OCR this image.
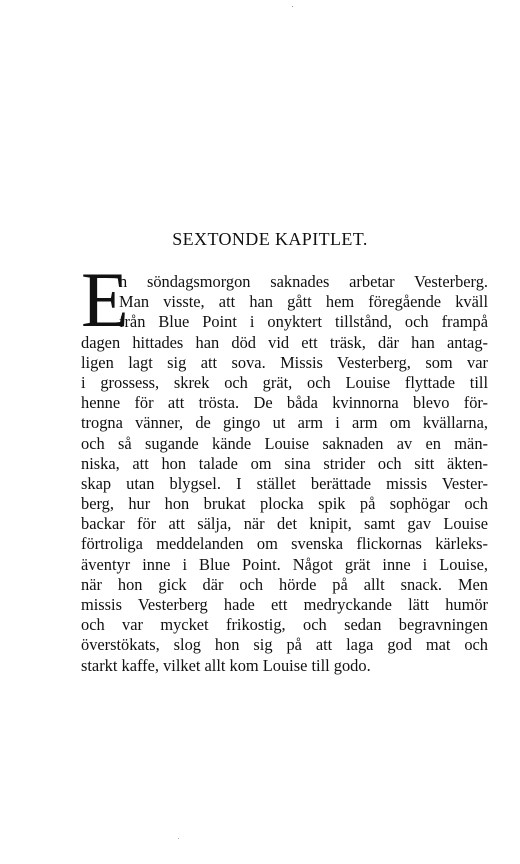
SEXTONDE KAPITLET.
E
n söndagsmorgon saknades arbetar Vesterberg.
Man visste, att han gått hem föregående kväll
från Blue Point i onyktert tillstånd, och frampå
dagen hittades han död vid ett träsk, där han antag-
ligen lagt sig att sova. Missis Vesterberg, som var
i grossess, skrek och grät, och Louise flyttade till
henne för att trösta. De båda kvinnorna blevo för-
trogna vänner, de gingo ut arm i arm om kvällarna,
och så sugande kände Louise saknaden av en män-
niska, att hon talade om sina strider och sitt äkten-
skap utan blygsel. I stället berättade missis Vester-
berg, hur hon brukat plocka spik på sophögar och
backar för att sälja, när det knipit, samt gav Louise
förtroliga meddelanden om svenska flickornas kärleks-
äventyr inne i Blue Point. Något grät inne i Louise,
när hon gick där och hörde på allt snack. Men
missis Vesterberg hade ett medryckande lätt humör
och var mycket frikostig, och sedan begravningen
överstökats, slog hon sig på att laga god mat och
starkt kaffe, vilket allt kom Louise till godo.
